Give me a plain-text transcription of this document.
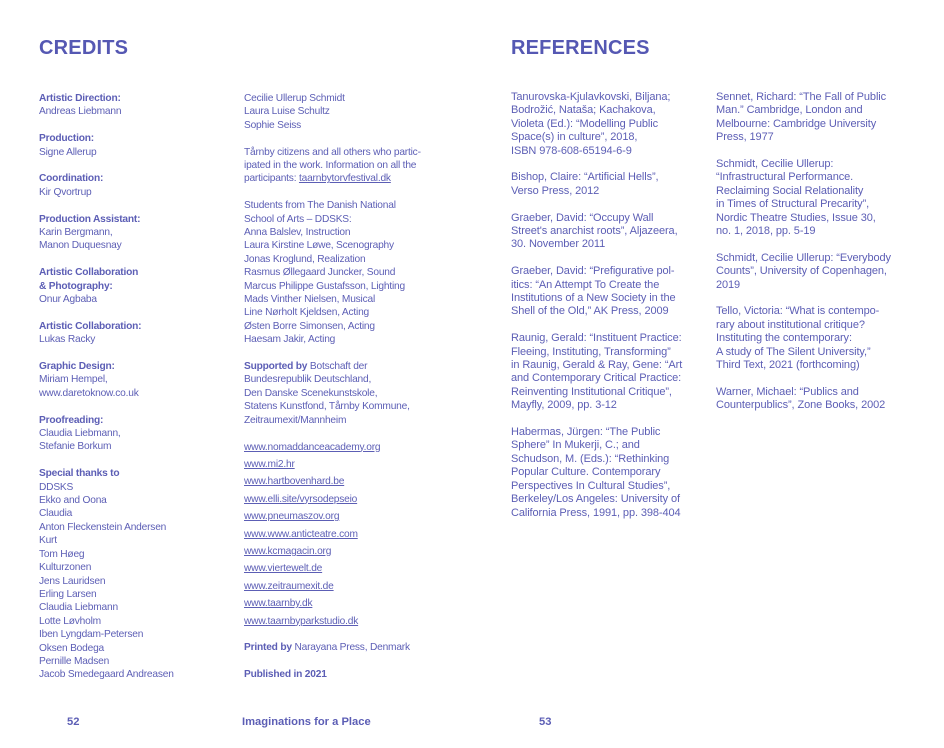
CREDITS
Artistic Direction:
Andreas Liebmann
Production:
Signe Allerup
Coordination:
Kir Qvortrup
Production Assistant:
Karin Bergmann,
Manon Duquesnay
Artistic Collaboration
& Photography:
Onur Agbaba
Artistic Collaboration:
Lukas Racky
Graphic Design:
Miriam Hempel,
www.daretoknow.co.uk
Proofreading:
Claudia Liebmann,
Stefanie Borkum
Special thanks to
DDSKS
Ekko and Oona
Claudia
Anton Fleckenstein Andersen
Kurt
Tom Høeg
Kulturzonen
Jens Lauridsen
Erling Larsen
Claudia Liebmann
Lotte Løvholm
Iben Lyngdam-Petersen
Oksen Bodega
Pernille Madsen
Jacob Smedegaard Andreasen

Cecilie Ullerup Schmidt
Laura Luise Schultz
Sophie Seiss

Tårnby citizens and all others who partic-
ipated in the work. Information on all the
participants: taarnbytorvfestival.dk

Students from The Danish National
School of Arts – DDSKS:
Anna Balslev, Instruction
Laura Kirstine Løwe, Scenography
Jonas Kroglund, Realization
Rasmus Øllegaard Juncker, Sound
Marcus Philippe Gustafsson, Lighting
Mads Vinther Nielsen, Musical
Line Nørholt Kjeldsen, Acting
Østen Borre Simonsen, Acting
Haesam Jakir, Acting

Supported by Botschaft der
Bundesrepublik Deutschland,
Den Danske Scenekunstskole,
Statens Kunstfond, Tårnby Kommune,
Zeitraumexit/Mannheim

www.nomaddanceacademy.org
www.mi2.hr
www.hartbovenhard.be
www.elli.site/vyrsodepseio
www.pneumaszov.org
www.www.anticteatre.com
www.kcmagacin.org
www.viertewelt.de
www.zeitraumexit.de
www.taarnby.dk
www.taarnbyparkstudio.dk

Printed by Narayana Press, Denmark

Published in 2021

REFERENCES

Tanurovska-Kjulavkovski, Biljana;
Bodrožić, Nataša; Kachakova,
Violeta (Ed.): “Modelling Public
Space(s) in culture”, 2018,
ISBN 978-608-65194-6-9

Bishop, Claire: “Artificial Hells”,
Verso Press, 2012

Graeber, David: “Occupy Wall
Street's anarchist roots”, Aljazeera,
30. November 2011

Graeber, David: “Prefigurative pol-
itics: “An Attempt To Create the
Institutions of a New Society in the
Shell of the Old,” AK Press, 2009

Raunig, Gerald: “Instituent Practice:
Fleeing, Instituting, Transforming”
in Raunig, Gerald & Ray, Gene: “Art
and Contemporary Critical Practice:
Reinventing Institutional Critique”,
Mayfly, 2009, pp. 3-12

Habermas, Jürgen: “The Public
Sphere” In Mukerji, C.; and
Schudson, M. (Eds.): “Rethinking
Popular Culture. Contemporary
Perspectives In Cultural Studies”,
Berkeley/Los Angeles: University of
California Press, 1991, pp. 398-404

Sennet, Richard: “The Fall of Public
Man.” Cambridge, London and
Melbourne: Cambridge University
Press, 1977

Schmidt, Cecilie Ullerup:
“Infrastructural Performance.
Reclaiming Social Relationality
in Times of Structural Precarity”,
Nordic Theatre Studies, Issue 30,
no. 1, 2018, pp. 5-19

Schmidt, Cecilie Ullerup: “Everybody
Counts”, University of Copenhagen,
2019

Tello, Victoria: “What is contempo-
rary about institutional critique?
Instituting the contemporary:
A study of The Silent University,”
Third Text, 2021 (forthcoming)

Warner, Michael: “Publics and
Counterpublics”, Zone Books, 2002

52	Imaginations for a Place	53
